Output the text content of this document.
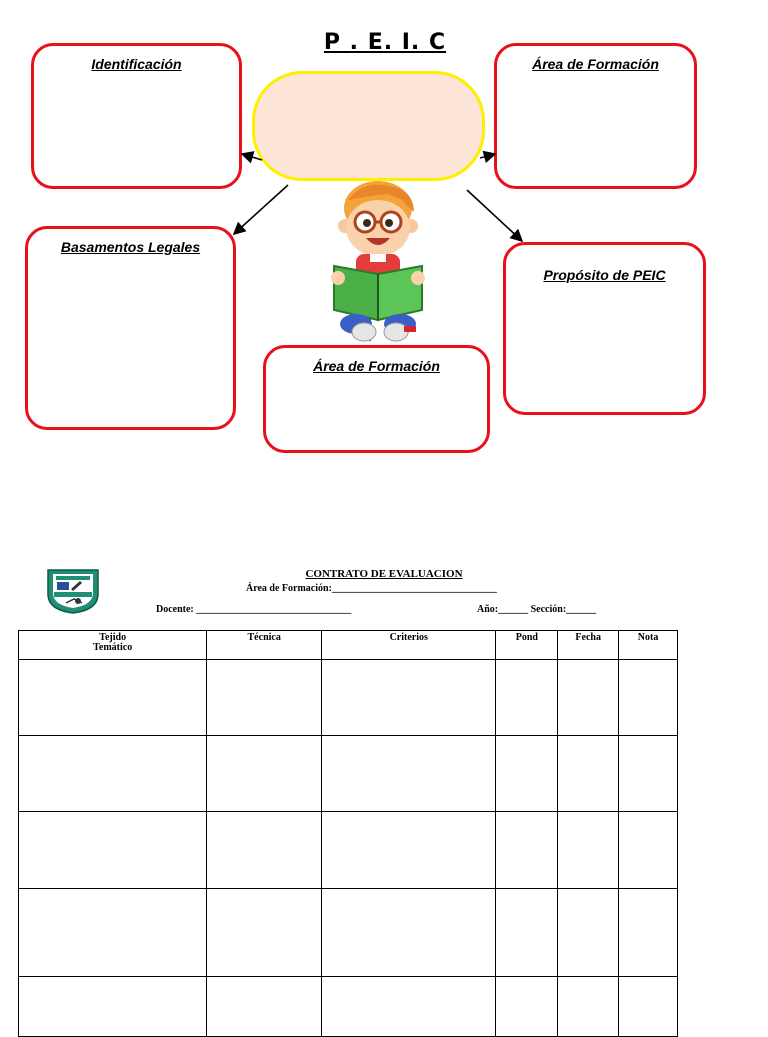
P . E. I. C
Identificación	Área de Formación
Basamentos Legales
Propósito de PEIC
Área de Formación
CONTRATO DE EVALUACION
Área de Formación:_________________________________
Docente: _______________________________	Año:______ Sección:______
Tejido
Temático	Técnica	Criterios	Pond	Fecha	Nota
